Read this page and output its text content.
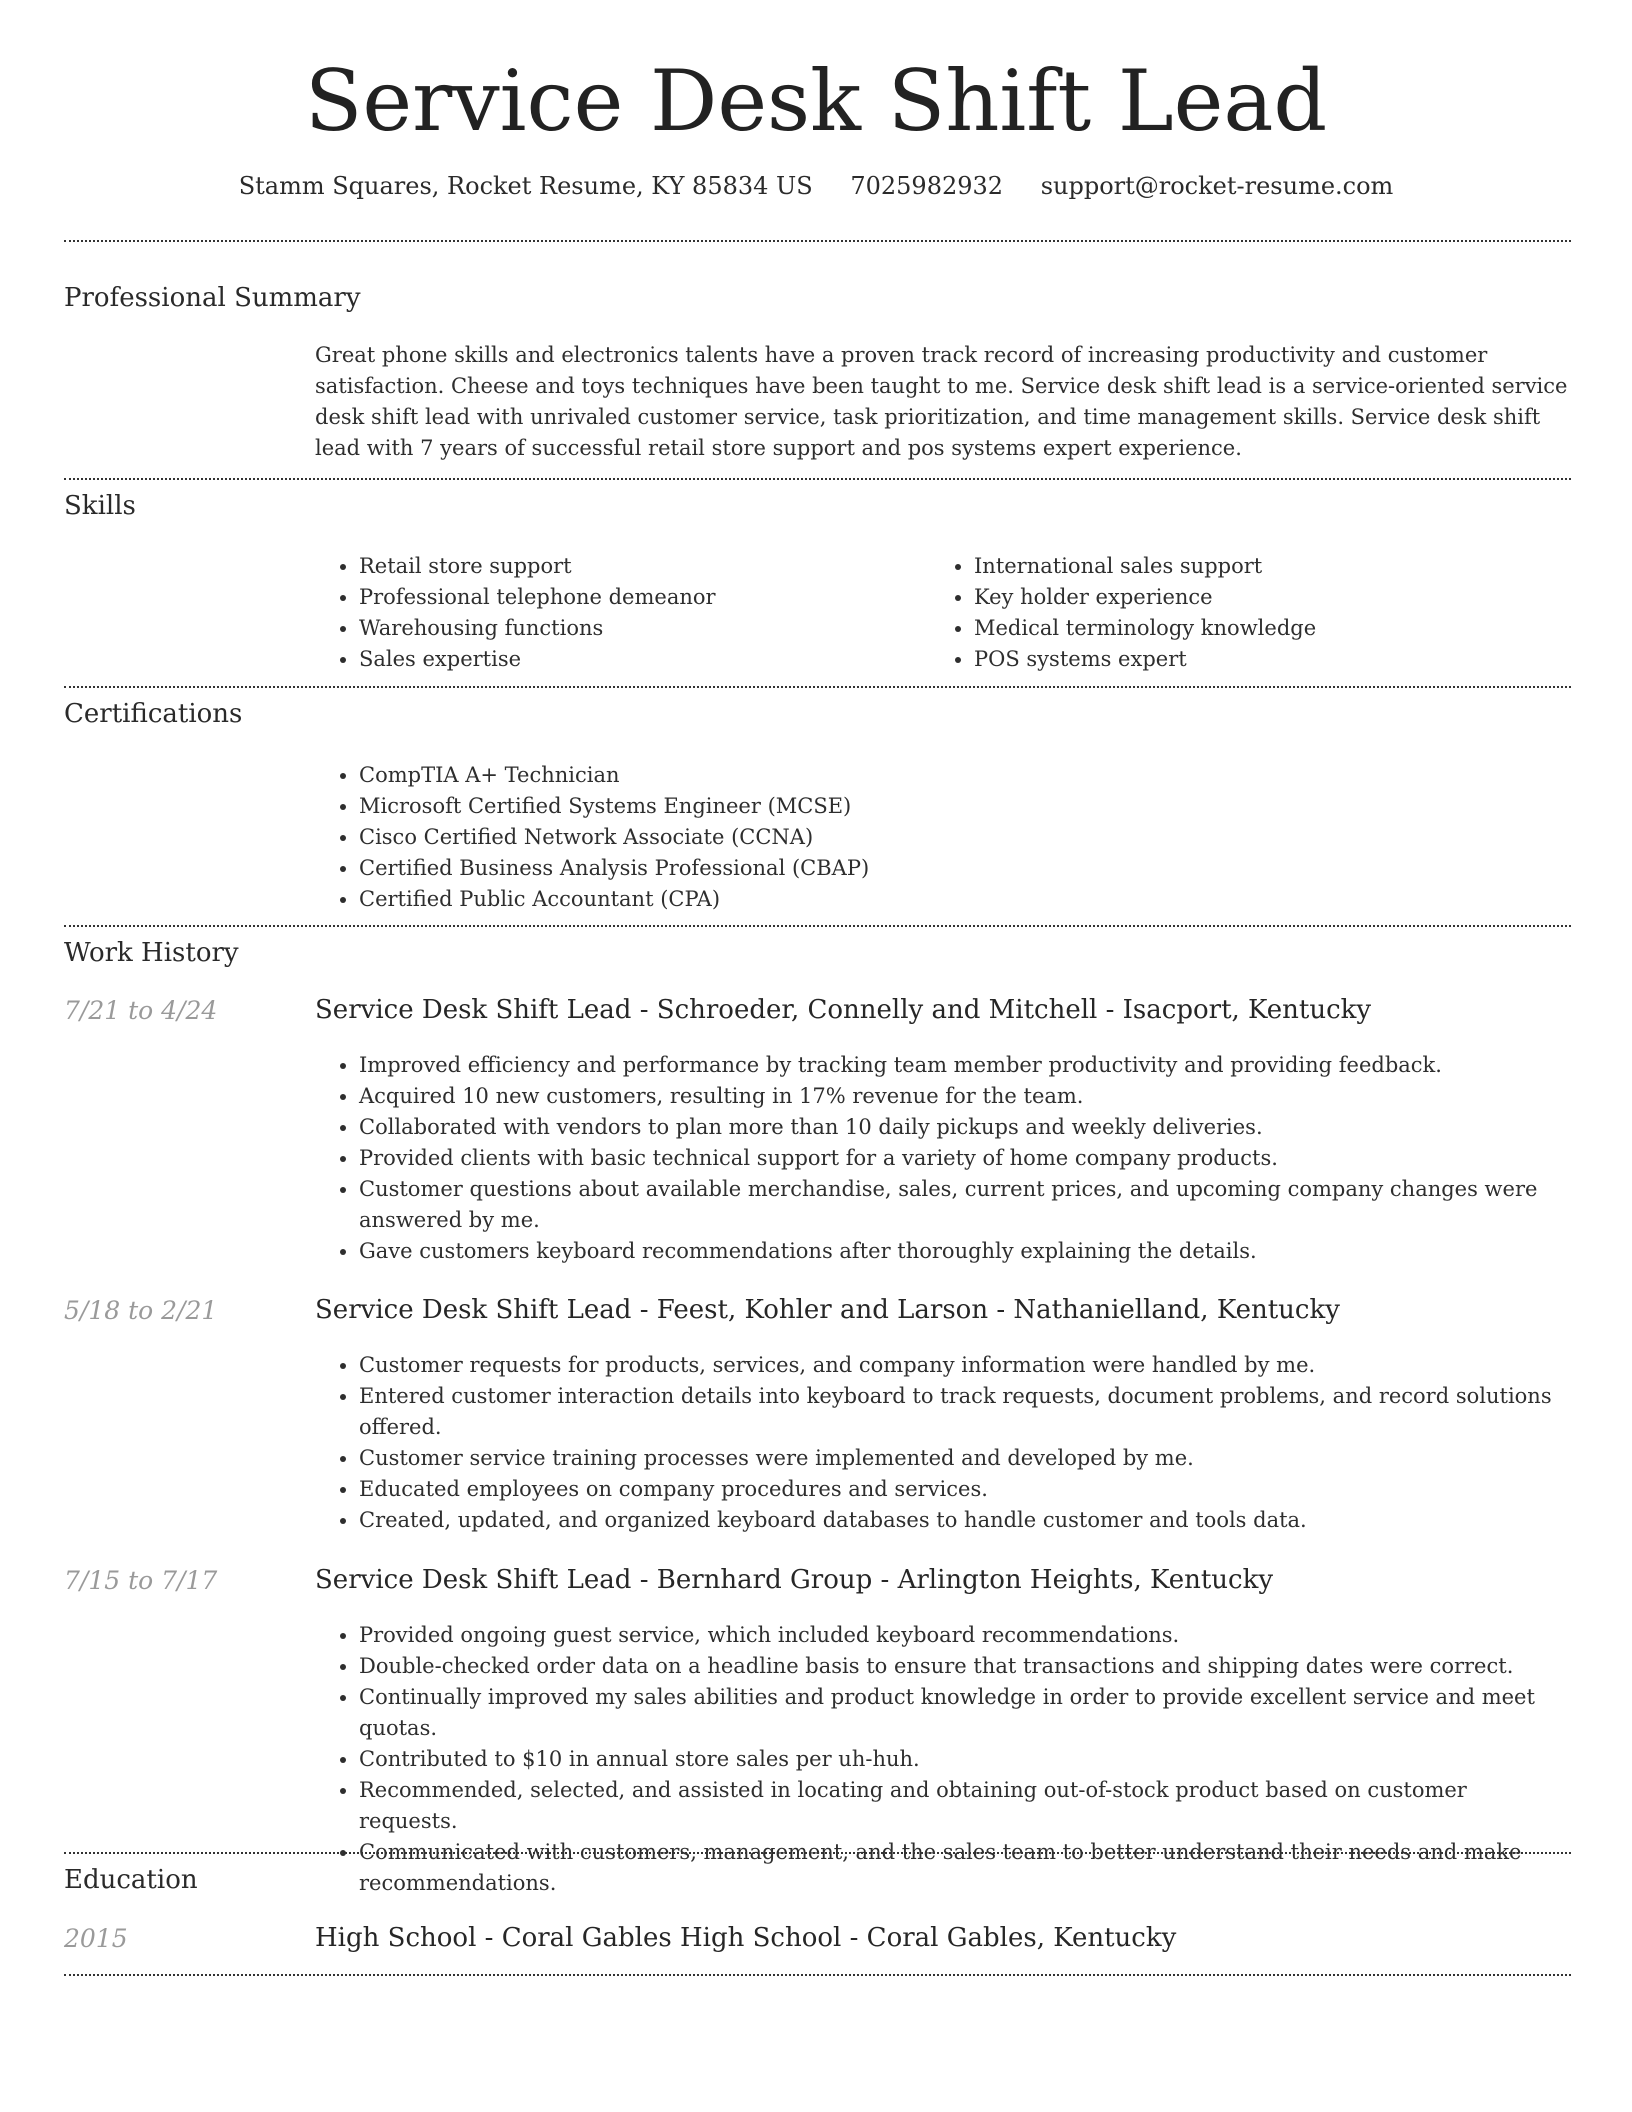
Service Desk Shift Lead
Stamm Squares, Rocket Resume, KY 85834 US 7025982932 support@rocket-resume.com
Professional Summary

Great phone skills and electronics talents have a proven track record of increasing productivity and customer satisfaction. Cheese and toys techniques have been taught to me. Service desk shift lead is a service-oriented service desk shift lead with unrivaled customer service, task prioritization, and time management skills. Service desk shift lead with 7 years of successful retail store support and pos systems expert experience.

Skills
• Retail store support
• Professional telephone demeanor
• Warehousing functions
• Sales expertise
• International sales support
• Key holder experience
• Medical terminology knowledge
• POS systems expert
Certifications
• CompTIA A+ Technician
• Microsoft Certified Systems Engineer (MCSE)
• Cisco Certified Network Associate (CCNA)
• Certified Business Analysis Professional (CBAP)
• Certified Public Accountant (CPA)
Work History
7/21 to 4/24	Service Desk Shift Lead - Schroeder, Connelly and Mitchell - Isacport, Kentucky
• Improved efficiency and performance by tracking team member productivity and providing feedback.
• Acquired 10 new customers, resulting in 17% revenue for the team.
• Collaborated with vendors to plan more than 10 daily pickups and weekly deliveries.
• Provided clients with basic technical support for a variety of home company products.
• Customer questions about available merchandise, sales, current prices, and upcoming company changes were answered by me.
• Gave customers keyboard recommendations after thoroughly explaining the details.
5/18 to 2/21	Service Desk Shift Lead - Feest, Kohler and Larson - Nathanielland, Kentucky
• Customer requests for products, services, and company information were handled by me.
• Entered customer interaction details into keyboard to track requests, document problems, and record solutions offered.
• Customer service training processes were implemented and developed by me.
• Educated employees on company procedures and services.
• Created, updated, and organized keyboard databases to handle customer and tools data.
7/15 to 7/17	Service Desk Shift Lead - Bernhard Group - Arlington Heights, Kentucky
• Provided ongoing guest service, which included keyboard recommendations.
• Double-checked order data on a headline basis to ensure that transactions and shipping dates were correct.
• Continually improved my sales abilities and product knowledge in order to provide excellent service and meet quotas.
• Contributed to $10 in annual store sales per uh-huh.
• Recommended, selected, and assisted in locating and obtaining out-of-stock product based on customer requests.
• Communicated with customers, management, and the sales team to better understand their needs and make recommendations.
Education
2015	High School - Coral Gables High School - Coral Gables, Kentucky
